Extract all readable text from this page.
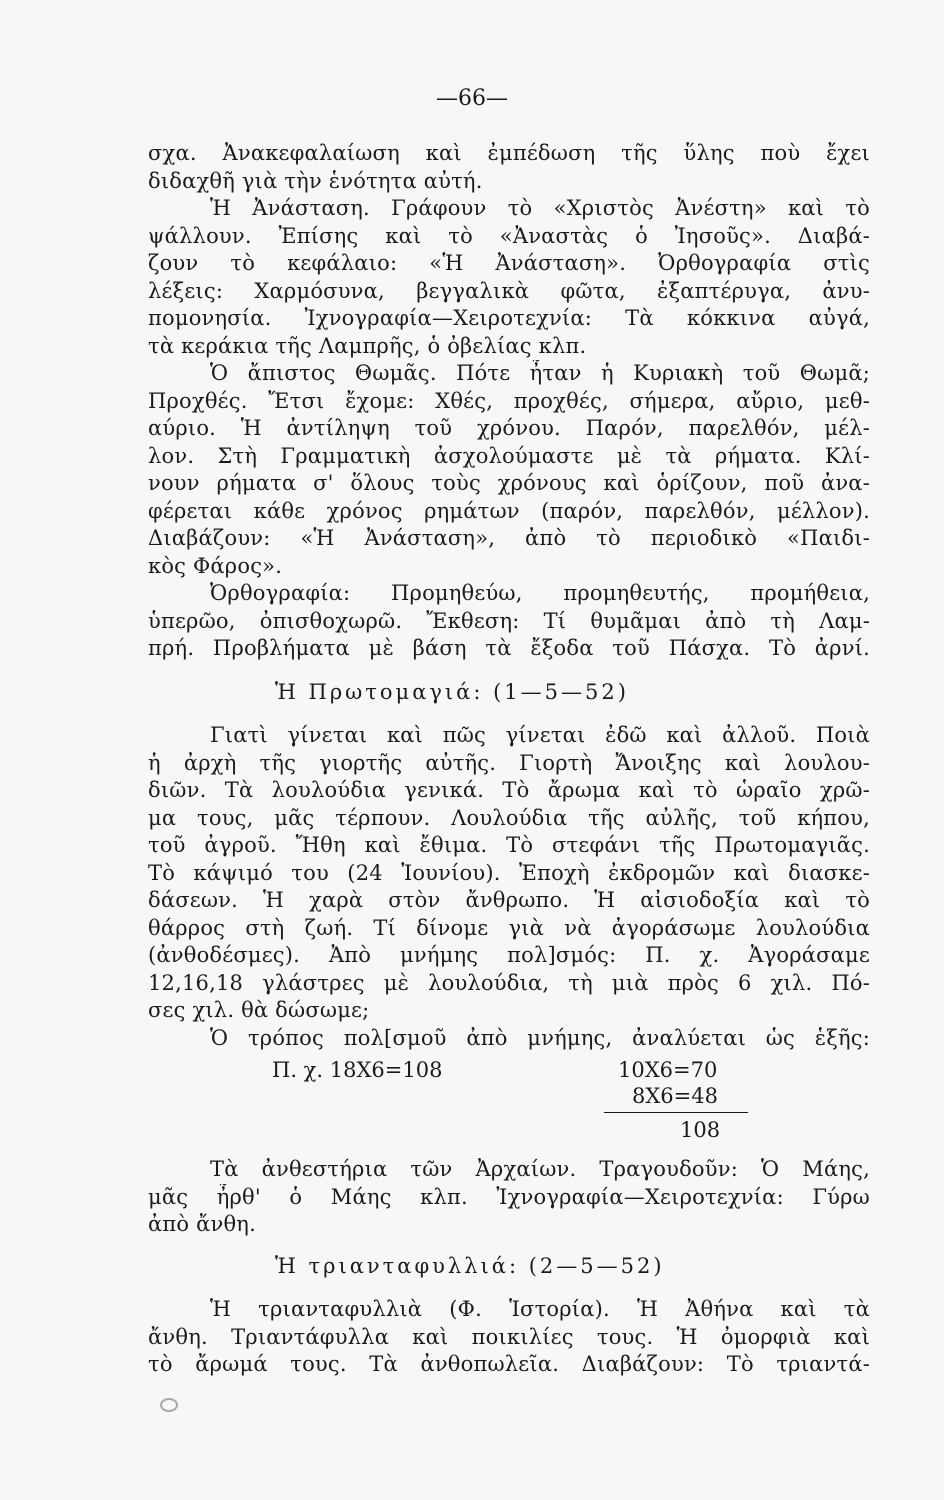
—66—
σχα. Ἀνακεφαλαίωση καὶ ἐμπέδωση τῆς ὕλης ποὺ ἔχει
διδαχθῆ γιὰ τὴν ἑνότητα αὐτή.
Ἡ Ἀνάσταση. Γράφουν τὸ «Χριστὸς Ἀνέστη» καὶ τὸ
ψάλλουν. Ἐπίσης καὶ τὸ «Ἀναστὰς ὁ Ἰησοῦς». Διαβά-
ζουν τὸ κεφάλαιο: «Ἡ Ἀνάσταση». Ὀρθογραφία στὶς
λέξεις: Χαρμόσυνα, βεγγαλικὰ φῶτα, ἐξαπτέρυγα, ἀνυ-
πομονησία. Ἰχνογραφία—Χειροτεχνία: Τὰ κόκκινα αὐγά,
τὰ κεράκια τῆς Λαμπρῆς, ὁ ὀβελίας κλπ.
Ὁ ἄπιστος Θωμᾶς. Πότε ἦταν ἡ Κυριακὴ τοῦ Θωμᾶ;
Προχθές. Ἔτσι ἔχομε: Χθές, προχθές, σήμερα, αὔριο, μεθ-
αύριο. Ἡ ἀντίληψη τοῦ χρόνου. Παρόν, παρελθόν, μέλ-
λον. Στὴ Γραμματικὴ ἀσχολούμαστε μὲ τὰ ρήματα. Κλί-
νουν ρήματα σ' ὅλους τοὺς χρόνους καὶ ὁρίζουν, ποῦ ἀνα-
φέρεται κάθε χρόνος ρημάτων (παρόν, παρελθόν, μέλλον).
Διαβάζουν: «Ἡ Ἀνάσταση», ἀπὸ τὸ περιοδικὸ «Παιδι-
κὸς Φάρος».
Ὀρθογραφία: Προμηθεύω, προμηθευτής, προμήθεια,
ὑπερῶο, ὀπισθοχωρῶ. Ἔκθεση: Τί θυμᾶμαι ἀπὸ τὴ Λαμ-
πρή. Προβλήματα μὲ βάση τὰ ἔξοδα τοῦ Πάσχα. Τὸ ἀρνί.
Ἡ Πρωτομαγιά: (1—5—52)
Γιατὶ γίνεται καὶ πῶς γίνεται ἐδῶ καὶ ἀλλοῦ. Ποιὰ
ἡ ἀρχὴ τῆς γιορτῆς αὐτῆς. Γιορτὴ Ἄνοιξης καὶ λουλου-
διῶν. Τὰ λουλούδια γενικά. Τὸ ἄρωμα καὶ τὸ ὡραῖο χρῶ-
μα τους, μᾶς τέρπουν. Λουλούδια τῆς αὐλῆς, τοῦ κήπου,
τοῦ ἀγροῦ. Ἤθη καὶ ἔθιμα. Τὸ στεφάνι τῆς Πρωτομαγιᾶς.
Τὸ κάψιμό του (24 Ἰουνίου). Ἐποχὴ ἐκδρομῶν καὶ διασκε-
δάσεων. Ἡ χαρὰ στὸν ἄνθρωπο. Ἡ αἰσιοδοξία καὶ τὸ
θάρρος στὴ ζωή. Τί δίνομε γιὰ νὰ ἀγοράσωμε λουλούδια
(ἀνθοδέσμες). Ἀπὸ μνήμης πολ]σμός: Π. χ. Ἀγοράσαμε
12,16,18 γλάστρες μὲ λουλούδια, τὴ μιὰ πρὸς 6 χιλ. Πό-
σες χιλ. θὰ δώσωμε;
Ὁ τρόπος πολ[σμοῦ ἀπὸ μνήμης, ἀναλύεται ὡς ἑξῆς:
Π. χ. 18Χ6=108	10Χ6=70
8Χ6=48
108
Τὰ ἀνθεστήρια τῶν Ἀρχαίων. Τραγουδοῦν: Ὁ Μάης,
μᾶς ἦρθ' ὁ Μάης κλπ. Ἰχνογραφία—Χειροτεχνία: Γύρω
ἀπὸ ἄνθη.
Ἡ τριανταφυλλιά: (2—5—52)
Ἡ τριανταφυλλιὰ (Φ. Ἱστορία). Ἡ Ἀθήνα καὶ τὰ
ἄνθη. Τριαντάφυλλα καὶ ποικιλίες τους. Ἡ ὀμορφιὰ καὶ
τὸ ἄρωμά τους. Τὰ ἀνθοπωλεῖα. Διαβάζουν: Τὸ τριαντά-
